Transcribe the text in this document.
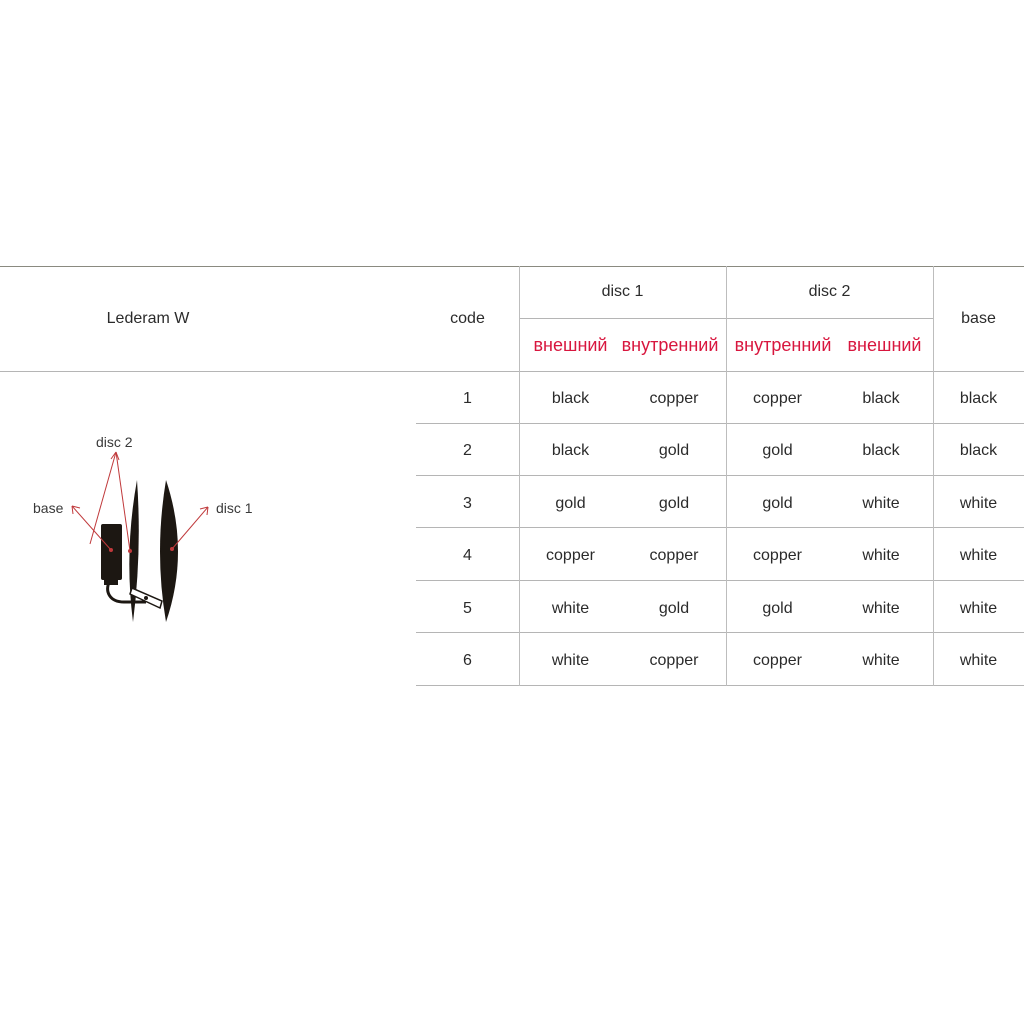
Lederam W	code
disc 1	disc 2
base
внешний внутренний внутренний внешний
1	black	copper	copper	black	black
2	black	gold	gold	black	black
3	gold	gold	gold	white	white
4	copper	copper	copper	white	white
5	white	gold	gold	white	white
6	white	copper	copper	white	white
disc 2
base	disc 1
